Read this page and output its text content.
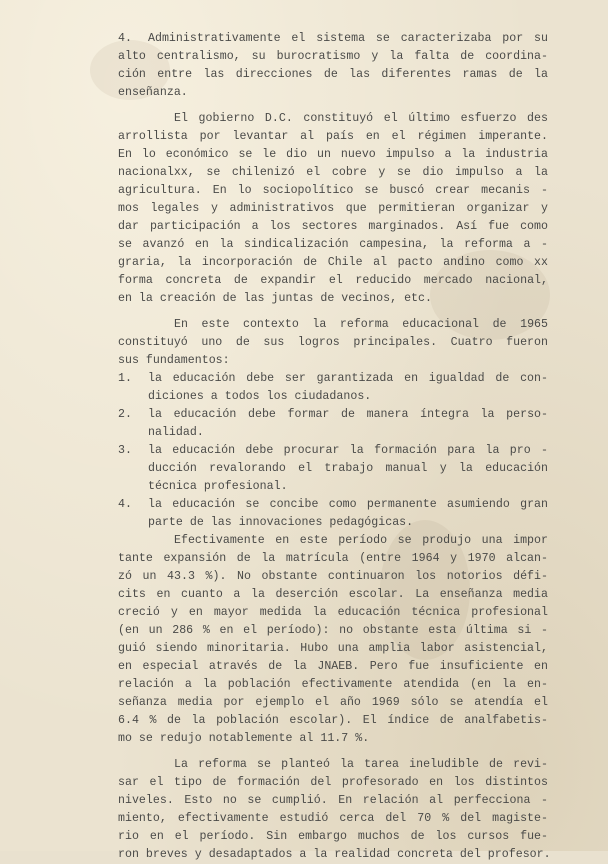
4.	Administrativamente el sistema se caracterizaba por su
alto centralismo, su burocratismo y la falta de coordina-
ción entre las direcciones de las diferentes ramas de la
enseñanza.
El gobierno D.C. constituyó el último esfuerzo des
arrollista por levantar al país en el régimen imperante.
En lo económico se le dio un nuevo impulso a la industria
nacionalxx, se chilenizó el cobre y se dio impulso a la
agricultura. En lo sociopolítico se buscó crear mecanis -
mos legales y administrativos que permitieran organizar y
dar participación a los sectores marginados. Así fue como
se avanzó en la sindicalización campesina, la reforma a -
graria, la incorporación de Chile al pacto andino como xx
forma concreta de expandir el reducido mercado nacional,
en la creación de las juntas de vecinos, etc.
En este contexto la reforma educacional de 1965
constituyó uno de sus logros principales. Cuatro fueron
sus fundamentos:
1.	la educación debe ser garantizada en igualdad de con-
diciones a todos los ciudadanos.
2.	la educación debe formar de manera íntegra la perso-
nalidad.
3.	la educación debe procurar la formación para la pro -
ducción revalorando el trabajo manual y la educación
técnica profesional.
4.	la educación se concibe como permanente asumiendo gran
parte de las innovaciones pedagógicas.
Efectivamente en este período se produjo una impor
tante expansión de la matrícula (entre 1964 y 1970 alcan-
zó un 43.3 %). No obstante continuaron los notorios défi-
cits en cuanto a la deserción escolar. La enseñanza media
creció y en mayor medida la educación técnica profesional
(en un 286 % en el período): no obstante esta última si -
guió siendo minoritaria. Hubo una amplia labor asistencial,
en especial através de la JNAEB. Pero fue insuficiente en
relación a la población efectivamente atendida (en la en-
señanza media por ejemplo el año 1969 sólo se atendía el
6.4 % de la población escolar). El índice de analfabetis-
mo se redujo notablemente al 11.7 %.
La reforma se planteó la tarea ineludible de revi-
sar el tipo de formación del profesorado en los distintos
niveles. Esto no se cumplió. En relación al perfecciona -
miento, efectivamente estudió cerca del 70 % del magiste-
rio en el período. Sin embargo muchos de los cursos fue-
ron breves y desadaptados a la realidad concreta del profesor.
